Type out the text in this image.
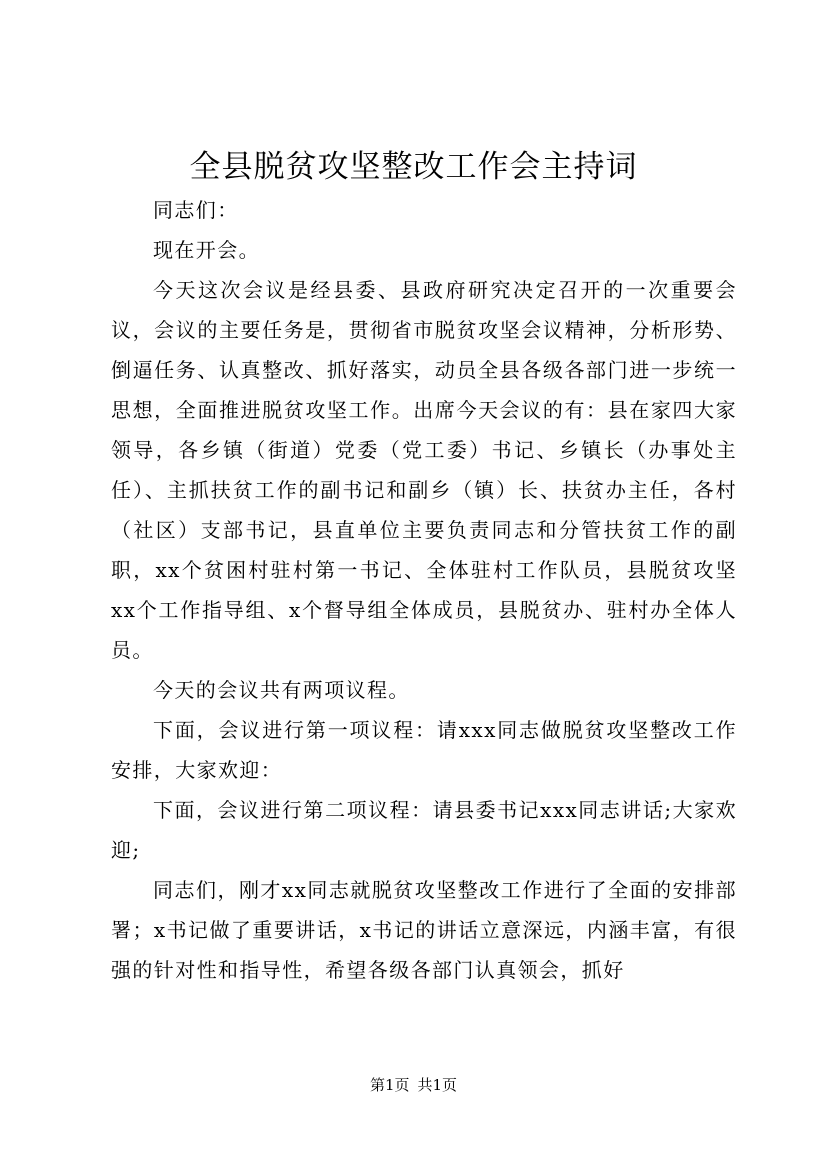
全县脱贫攻坚整改工作会主持词

同志们：

现在开会。

今天这次会议是经县委、县政府研究决定召开的一次重要会议，会议的主要任务是，贯彻省市脱贫攻坚会议精神，分析形势、倒逼任务、认真整改、抓好落实，动员全县各级各部门进一步统一思想，全面推进脱贫攻坚工作。出席今天会议的有：县在家四大家领导，各乡镇（街道）党委（党工委）书记、乡镇长（办事处主任）、主抓扶贫工作的副书记和副乡（镇）长、扶贫办主任，各村（社区）支部书记，县直单位主要负责同志和分管扶贫工作的副职，xx个贫困村驻村第一书记、全体驻村工作队员，县脱贫攻坚xx个工作指导组、x个督导组全体成员，县脱贫办、驻村办全体人员。

今天的会议共有两项议程。

下面，会议进行第一项议程：请xxx同志做脱贫攻坚整改工作安排，大家欢迎：

下面，会议进行第二项议程：请县委书记xxx同志讲话;大家欢迎;

同志们，刚才xx同志就脱贫攻坚整改工作进行了全面的安排部署；x书记做了重要讲话，x书记的讲话立意深远，内涵丰富，有很强的针对性和指导性，希望各级各部门认真领会，抓好

第1页 共1页
